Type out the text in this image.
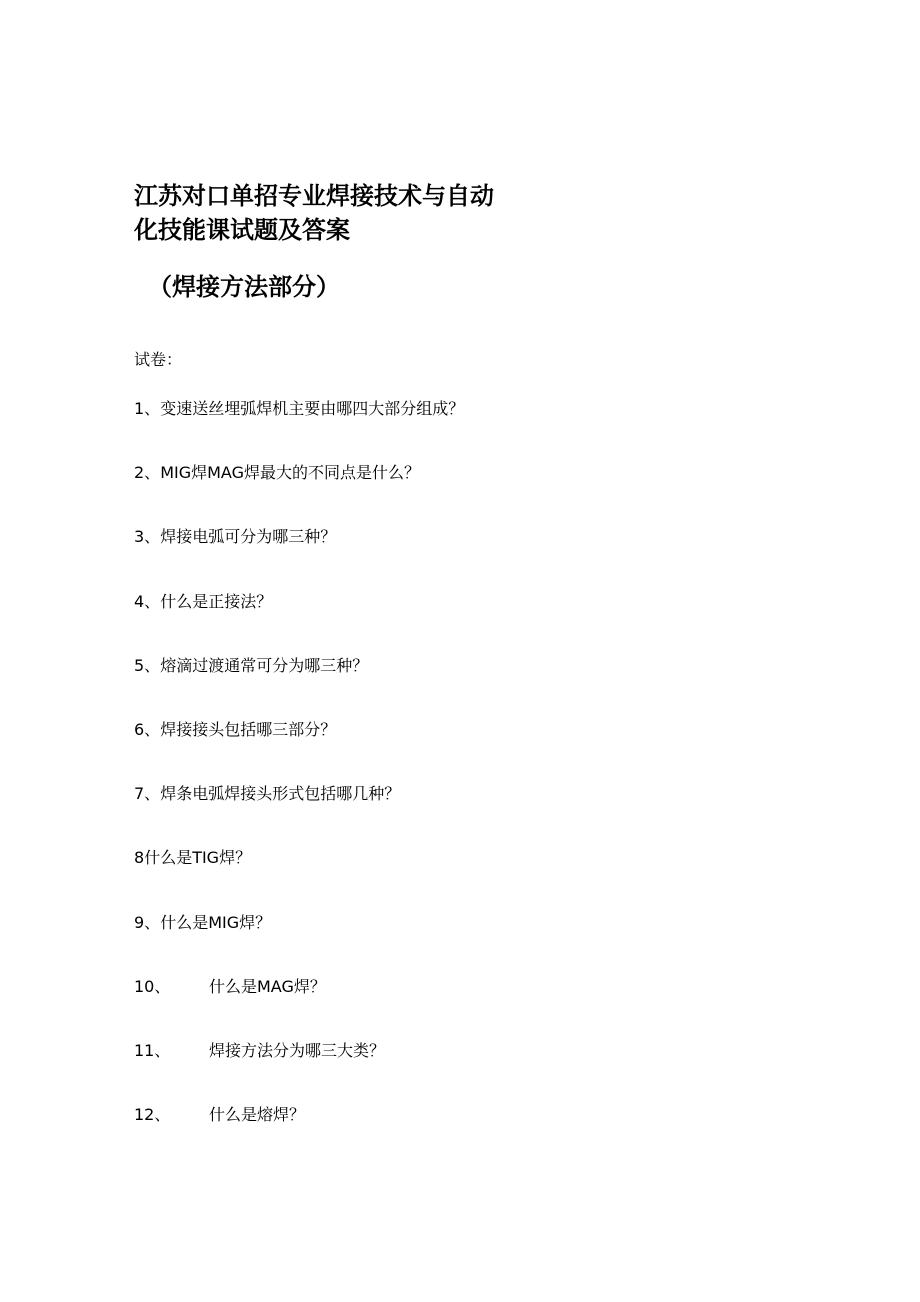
江苏对口单招专业焊接技术与自动
化技能课试题及答案
（焊接方法部分）
试卷：
1、 变速送丝埋弧焊机主要由哪四大部分组成？
2、 MIG焊MAG焊最大的不同点是什么？
3、 焊接电弧可分为哪三种？
4、 什么是正接法？
5、 熔滴过渡通常可分为哪三种？
6、 焊接接头包括哪三部分？
7、 焊条电弧焊接头形式包括哪几种？
8 什么是TIG焊？
9、 什么是MIG焊？
10、	什么是MAG焊？
11、	焊接方法分为哪三大类？
12、	什么是熔焊？
